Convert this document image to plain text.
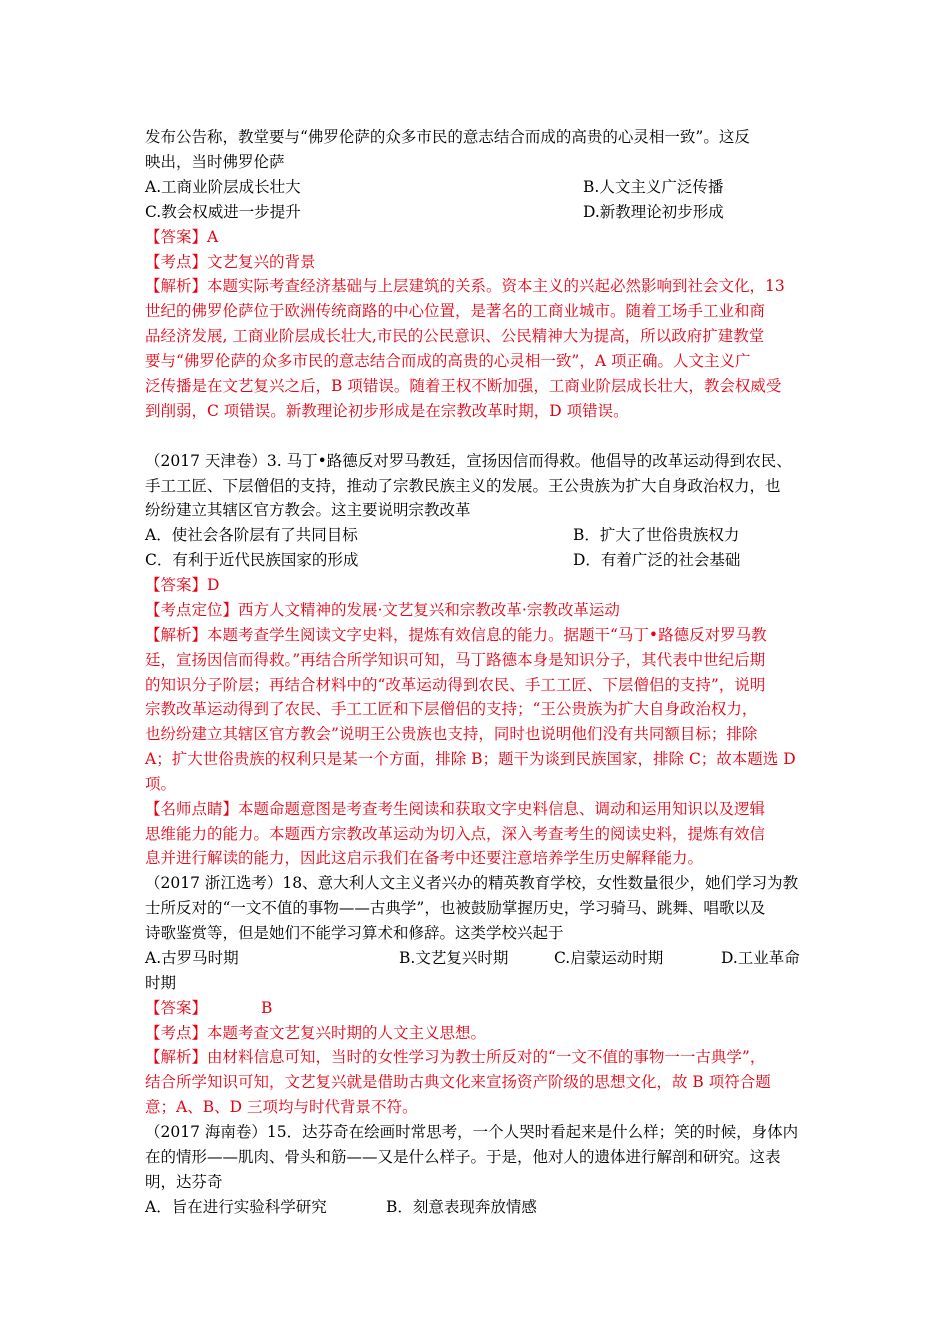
发布公告称，教堂要与“佛罗伦萨的众多市民的意志结合而成的高贵的心灵相一致”。这反
映出，当时佛罗伦萨
A.工商业阶层成长壮大	B.人文主义广泛传播
C.教会权威进一步提升	D.新教理论初步形成
【答案】A
【考点】文艺复兴的背景
【解析】本题实际考查经济基础与上层建筑的关系。资本主义的兴起必然影响到社会文化，13
世纪的佛罗伦萨位于欧洲传统商路的中心位置，是著名的工商业城市。随着工场手工业和商
品经济发展, 工商业阶层成长壮大,市民的公民意识、公民精神大为提高，所以政府扩建教堂
要与“佛罗伦萨的众多市民的意志结合而成的高贵的心灵相一致”，A 项正确。人文主义广
泛传播是在文艺复兴之后，B 项错误。随着王权不断加强，工商业阶层成长壮大，教会权威受
到削弱，C 项错误。新教理论初步形成是在宗教改革时期，D 项错误。
（2017 天津卷）3. 马丁•路德反对罗马教廷，宣扬因信而得救。他倡导的改革运动得到农民、
手工工匠、下层僧侣的支持，推动了宗教民族主义的发展。王公贵族为扩大自身政治权力，也
纷纷建立其辖区官方教会。这主要说明宗教改革
A．使社会各阶层有了共同目标	B．扩大了世俗贵族权力
C．有利于近代民族国家的形成	D．有着广泛的社会基础
【答案】D
【考点定位】西方人文精神的发展·文艺复兴和宗教改革·宗教改革运动
【解析】本题考查学生阅读文字史料，提炼有效信息的能力。据题干“马丁•路德反对罗马教
廷，宣扬因信而得救。”再结合所学知识可知，马丁路德本身是知识分子，其代表中世纪后期
的知识分子阶层；再结合材料中的“改革运动得到农民、手工工匠、下层僧侣的支持”，说明
宗教改革运动得到了农民、手工工匠和下层僧侣的支持；“王公贵族为扩大自身政治权力，
也纷纷建立其辖区官方教会”说明王公贵族也支持，同时也说明他们没有共同额目标；排除
A；扩大世俗贵族的权利只是某一个方面，排除 B；题干为谈到民族国家，排除 C；故本题选 D
项。
【名师点睛】本题命题意图是考查考生阅读和获取文字史料信息、调动和运用知识以及逻辑
思维能力的能力。本题西方宗教改革运动为切入点，深入考查考生的阅读史料，提炼有效信
息并进行解读的能力，因此这启示我们在备考中还要注意培养学生历史解释能力。
（2017 浙江选考）18、意大利人文主义者兴办的精英教育学校，女性数量很少，她们学习为教
士所反对的“一文不值的事物——古典学”，也被鼓励掌握历史，学习骑马、跳舞、唱歌以及
诗歌鉴赏等，但是她们不能学习算术和修辞。这类学校兴起于
A.古罗马时期	B.文艺复兴时期	C.启蒙运动时期	D.工业革命
时期
【答案】	B
【考点】本题考查文艺复兴时期的人文主义思想。
【解析】由材料信息可知，当时的女性学习为教士所反对的“一文不值的事物一一古典学”，
结合所学知识可知，文艺复兴就是借助古典文化来宣扬资产阶级的思想文化，故 B 项符合题
意；A、B、D 三项均与时代背景不符。
（2017 海南卷）15．达芬奇在绘画时常思考，一个人哭时看起来是什么样；笑的时候，身体内
在的情形——肌肉、骨头和筋——又是什么样子。于是，他对人的遗体进行解剖和研究。这表
明，达芬奇
A．旨在进行实验科学研究	B．刻意表现奔放情感
